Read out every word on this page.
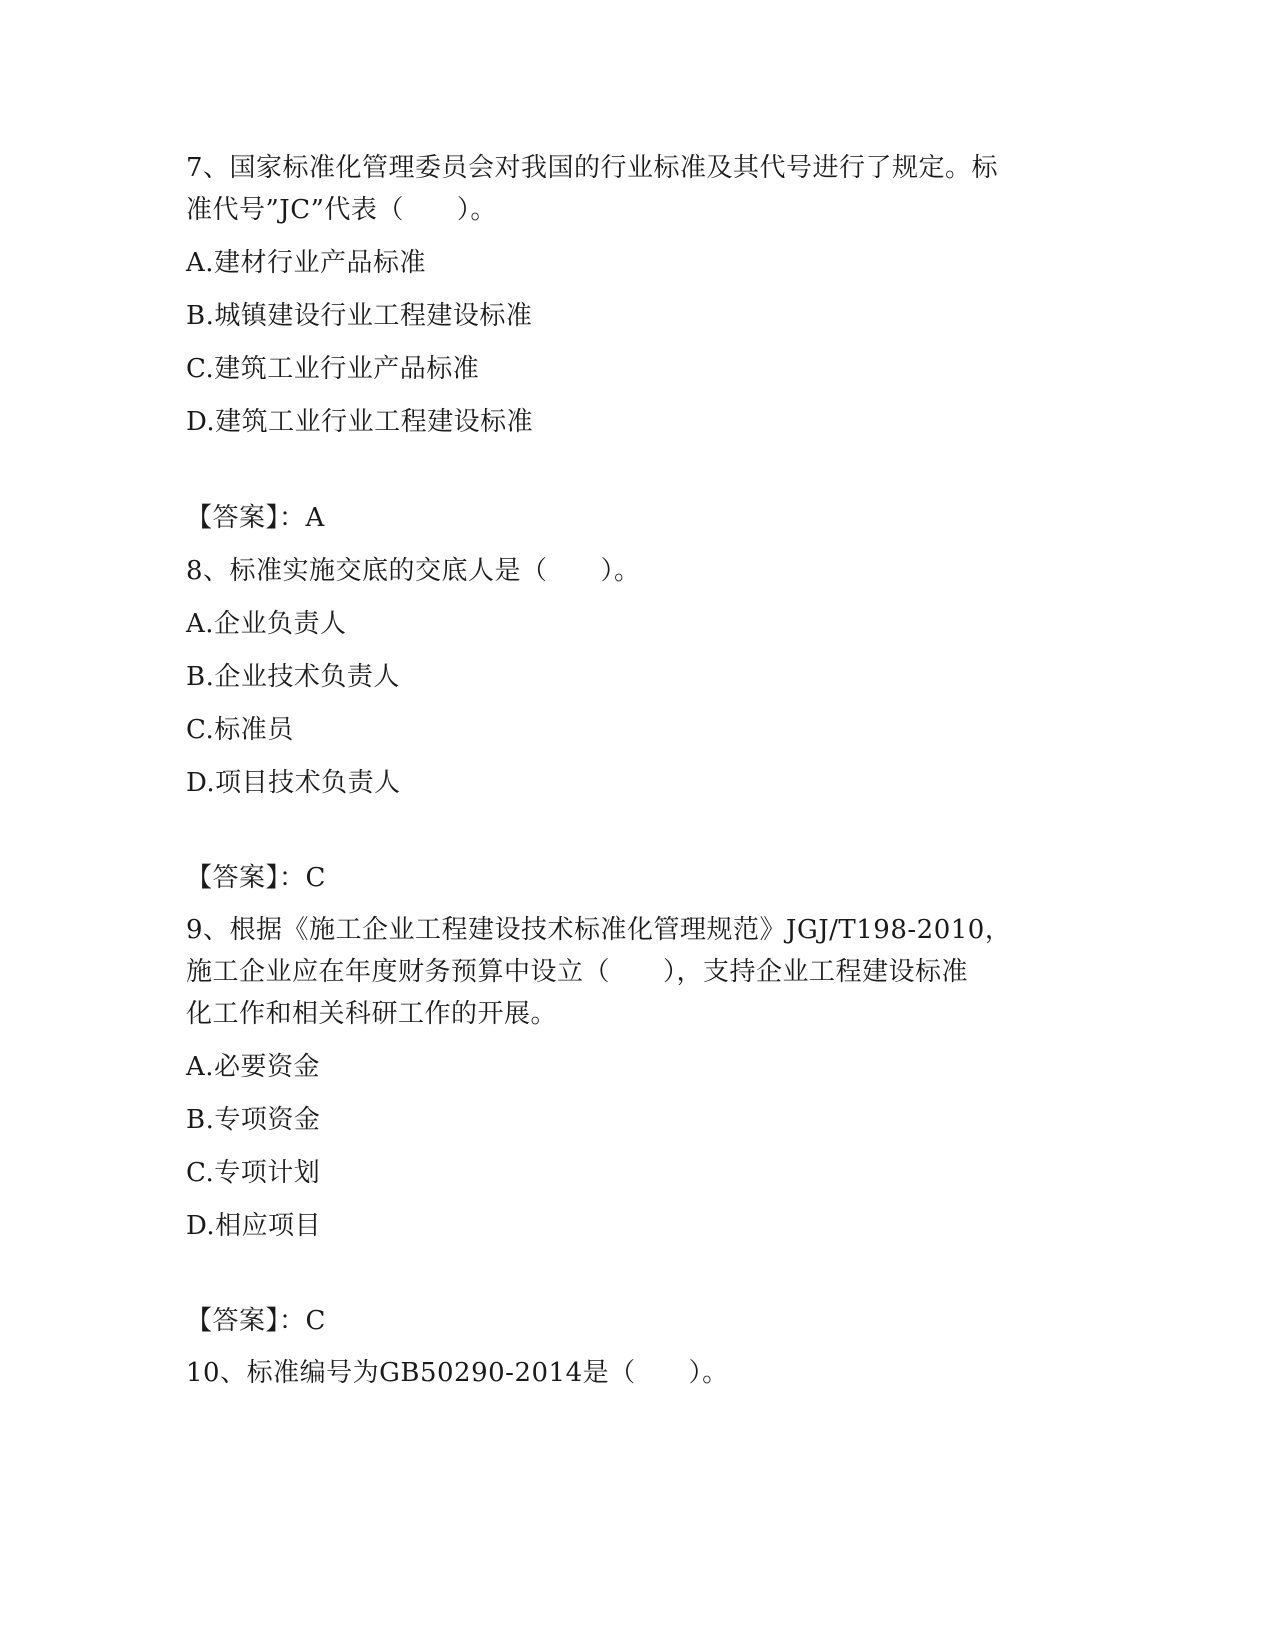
7、国家标准化管理委员会对我国的行业标准及其代号进行了规定。标
准代号”JC”代表（　　）。
A.建材行业产品标准
B.城镇建设行业工程建设标准
C.建筑工业行业产品标准
D.建筑工业行业工程建设标准
【答案】：A
8、标准实施交底的交底人是（　　）。
A.企业负责人
B.企业技术负责人
C.标准员
D.项目技术负责人
【答案】：C
9、根据《施工企业工程建设技术标准化管理规范》JGJ/T198-2010，
施工企业应在年度财务预算中设立（　　），支持企业工程建设标准
化工作和相关科研工作的开展。
A.必要资金
B.专项资金
C.专项计划
D.相应项目
【答案】：C
10、标准编号为GB50290-2014是（　　）。
